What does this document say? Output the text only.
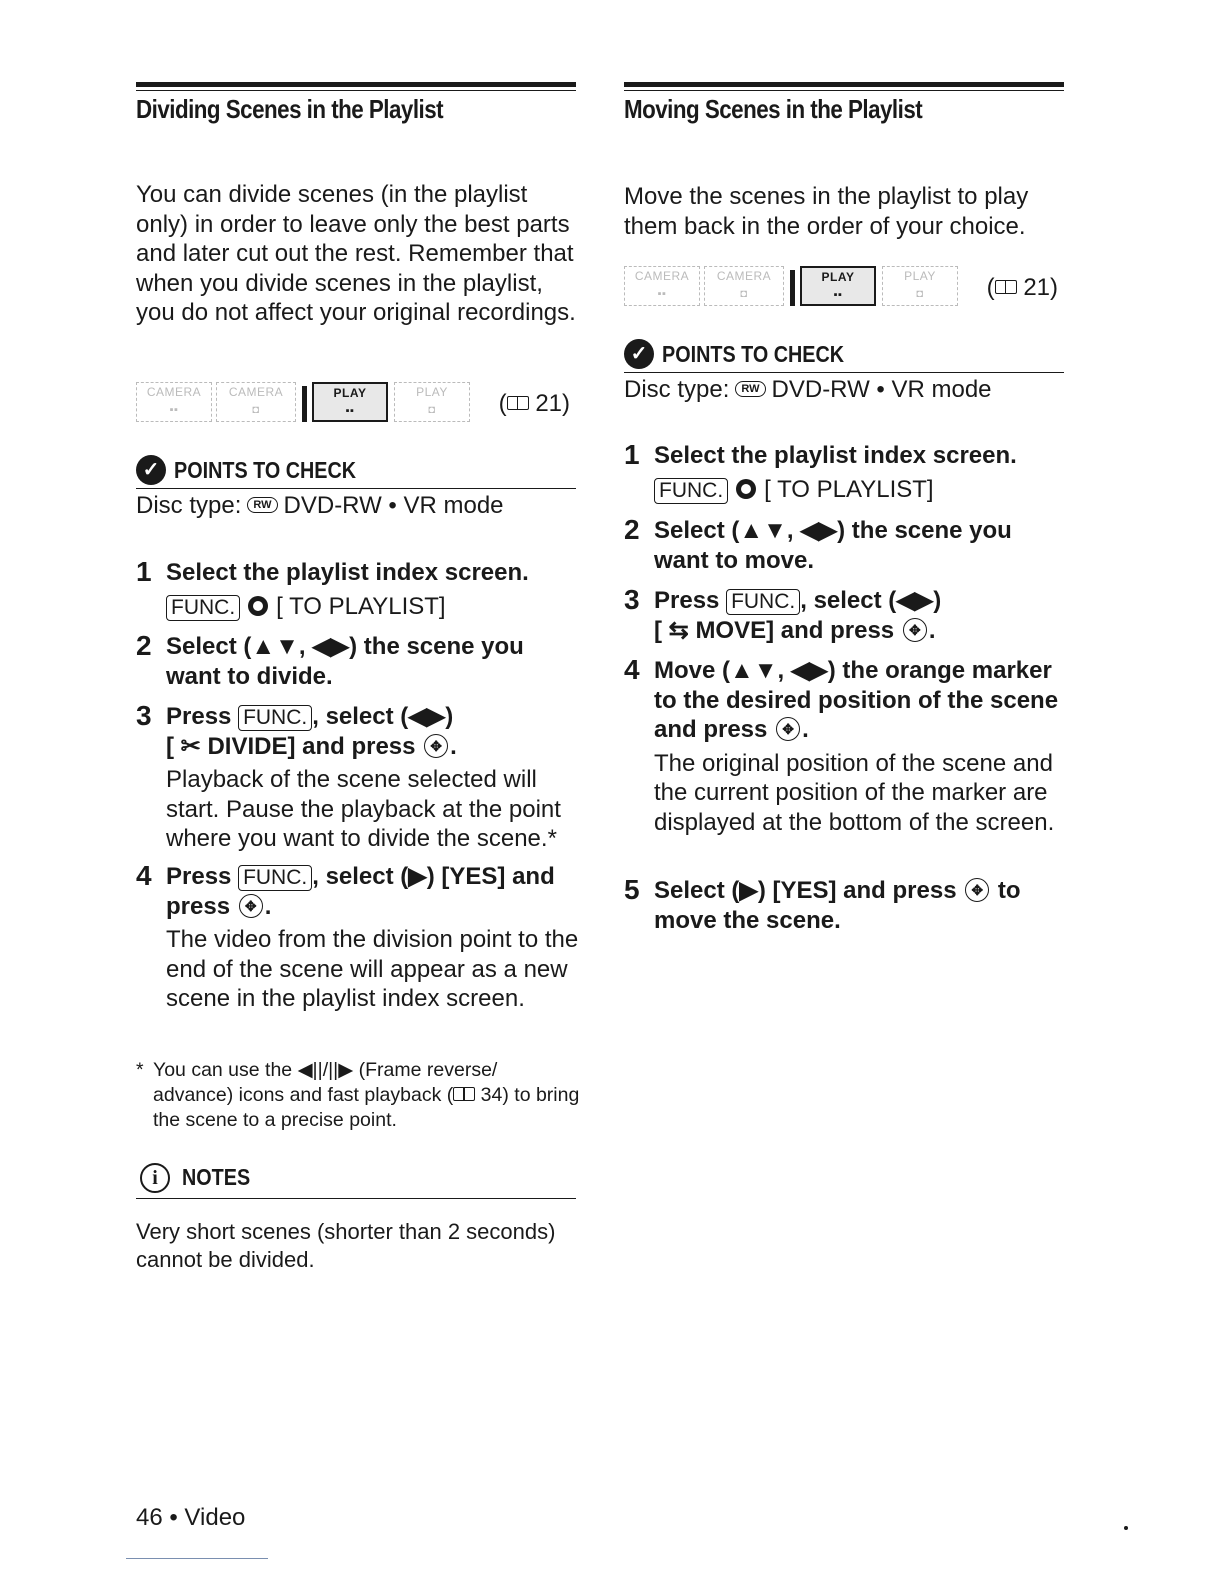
Dividing Scenes in the Playlist
You can divide scenes (in the playlist only) in order to leave only the best parts and later cut out the rest. Remember that when you divide scenes in the playlist, you do not affect your original recordings.
CAMERA
▪▪
CAMERA
◘
PLAY
▪▪
PLAY
◘	( 21)
✓ POINTS TO CHECK
Disc type: RW DVD-RW • VR mode
1 Select the playlist index screen.
FUNC. [ TO PLAYLIST]
2 Select (▲▼, ◀▶) the scene you want to divide.
3 Press FUNC. , select (◀▶)
[ ✂ DIVIDE] and press ✥ .
Playback of the scene selected will start. Pause the playback at the point where you want to divide the scene.*
4 Press FUNC. , select (▶) [YES] and press ✥ .
The video from the division point to the end of the scene will appear as a new scene in the playlist index screen.
* You can use the ◀||/||▶ (Frame reverse/ advance) icons and fast playback ( 34) to bring the scene to a precise point.
i	NOTES
Very short scenes (shorter than 2 seconds) cannot be divided.
Moving Scenes in the Playlist
Move the scenes in the playlist to play them back in the order of your choice.
CAMERA
▪▪
CAMERA
◘
PLAY
▪▪
PLAY
◘	( 21)
✓ POINTS TO CHECK
Disc type: RW DVD-RW • VR mode
1 Select the playlist index screen.
FUNC. [ TO PLAYLIST]
2 Select (▲▼, ◀▶) the scene you want to move.
3 Press FUNC. , select (◀▶)
[ ⇆ MOVE] and press ✥ .
4 Move (▲▼, ◀▶) the orange marker to the desired position of the scene and press ✥ .
The original position of the scene and the current position of the marker are displayed at the bottom of the screen.
5 Select (▶) [YES] and press ✥ to move the scene.
46 • Video
